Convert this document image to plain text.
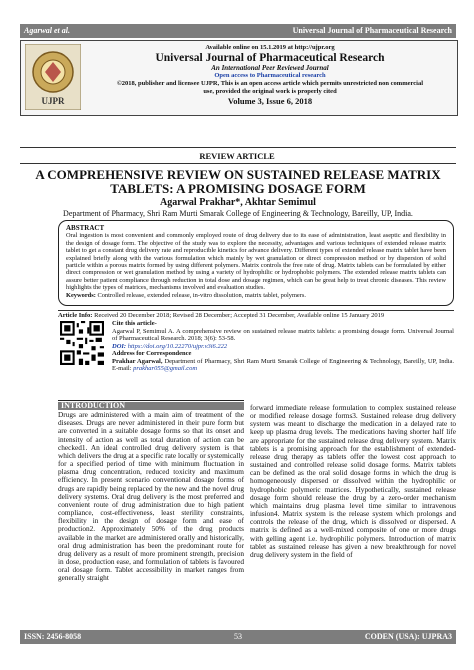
Agarwal et al.	Universal Journal of Pharmaceutical Research
UJPR
Available online on 15.1.2019 at http://ujpr.org
Universal Journal of Pharmaceutical Research
An International Peer Reviewed Journal
Open access to Pharmaceutical research
©2018, publisher and licensee UJPR, This is an open access article which permits unrestricted non commercial
use, provided the original work is properly cited
Volume 3, Issue 6, 2018
REVIEW ARTICLE
A COMPREHENSIVE REVIEW ON SUSTAINED RELEASE MATRIX
TABLETS: A PROMISING DOSAGE FORM
Agarwal Prakhar*, Akhtar Semimul
Department of Pharmacy, Shri Ram Murti Smarak College of Engineering & Technology, Bareilly, UP, India.
ABSTRACT
Oral ingestion is most convenient and commonly employed route of drug delivery due to its ease of administration, least aseptic and flexibility in the design of dosage form. The objective of the study was to explore the necessity, advantages and various techniques of extended release matrix tablet to get a constant drug delivery rate and reproducible kinetics for advance delivery. Different types of extended release matrix tablet have been explained briefly along with the various formulation which mainly by wet granulation or direct compression method or by dispersion of solid particle within a porous matrix formed by using different polymers. Matrix controls the free rate of drug. Matrix tablets can be formulated by either direct compression or wet granulation method by using a variety of hydrophilic or hydrophobic polymers. The extended release matrix tablets can assure better patient compliance through reduction in total dose and dosage regimen, which can be great help to treat chronic diseases. This review highlights the types of matrices, mechanisms involved and evaluation studies.
Keywords: Controlled release, extended release, in-vitro dissolution, matrix tablet, polymers.
Article Info: Received 20 December 2018; Revised 28 December; Accepted 31 December, Available online 15 January 2019
Cite this article-
Agarwal P, Semimul A. A comprehensive review on sustained release matrix tablets: a promising dosage form. Universal Journal of Pharmaceutical Research. 2018; 3(6): 53-58.
DOI: https://doi.org/10.22270/ujpr.v3i6.222
Address for Correspondence
Prakhar Agarwal, Department of Pharmacy, Shri Ram Murti Smarak College of Engineering & Technology, Bareilly, UP, India. E-mail: prakhar055@gmail.com
INTRODUCTION
Drugs are administered with a main aim of treatment of the diseases. Drugs are never administered in their pure form but are converted in a suitable dosage forms so that its onset and intensity of action as well as total duration of action can be checked1. An ideal controlled drug delivery system is that which delivers the drug at a specific rate locally or systemically for a specified period of time with minimum fluctuation in plasma drug concentration, reduced toxicity and maximum efficiency. In present scenario conventional dosage forms of drugs are rapidly being replaced by the new and the novel drug delivery systems. Oral drug delivery is the most preferred and convenient route of drug administration due to high patient compliance, cost-effectiveness, least sterility constraints, flexibility in the design of dosage form and ease of production2. Approximately 50% of the drug products available in the market are administered orally and historically, oral drug administration has been the predominant route for drug delivery as a result of more prominent strength, precision in dose, production ease, and formulation of tablets is favoured oral dosage form. Tablet accessibility in market ranges from generally straight
forward immediate release formulation to complex sustained release or modified release dosage forms3. Sustained release drug delivery system was meant to discharge the medication in a delayed rate to keep up plasma drug levels. The medications having shorter half life are appropriate for the sustained release drug delivery system. Matrix tablets is a promising approach for the establishment of extended-release drug therapy as tablets offer the lowest cost approach to sustained and controlled release solid dosage forms. Matrix tablets can be defined as the oral solid dosage forms in which the drug is homogeneously dispersed or dissolved within the hydrophilic or hydrophobic polymeric matrices. Hypothetically, sustained release dosage form should release the drug by a zero-order mechanism which maintains drug plasma level time similar to intravenous infusion4. Matrix system is the release system which prolongs and controls the release of the drug, which is dissolved or dispersed. A matrix is defined as a well-mixed composite of one or more drugs with gelling agent i.e. hydrophilic polymers. Introduction of matrix tablet as sustained release has given a new breakthrough for novel drug delivery system in the field of
ISSN: 2456-8058	53	CODEN (USA): UJPRA3
